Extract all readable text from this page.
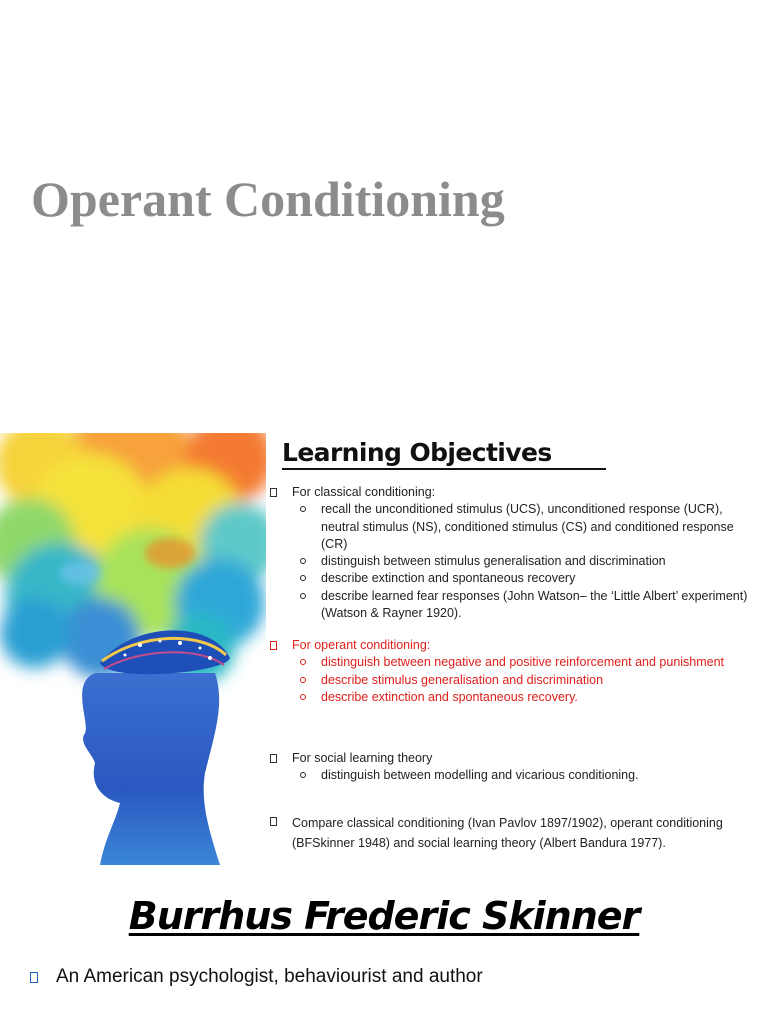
Operant Conditioning
Learning Objectives
For classical conditioning:
recall the unconditioned stimulus (UCS), unconditioned response (UCR), neutral stimulus (NS), conditioned stimulus (CS) and conditioned response (CR)
distinguish between stimulus generalisation and discrimination
describe extinction and spontaneous recovery
describe learned fear responses (John Watson– the ‘Little Albert’ experiment) (Watson & Rayner 1920).
For operant conditioning:
distinguish between negative and positive reinforcement and punishment
describe stimulus generalisation and discrimination
describe extinction and spontaneous recovery.
For social learning theory
distinguish between modelling and vicarious conditioning.
Compare classical conditioning (Ivan Pavlov 1897/1902), operant conditioning (BFSkinner 1948) and social learning theory (Albert Bandura 1977).
Burrhus Frederic Skinner
An American psychologist, behaviourist and author
